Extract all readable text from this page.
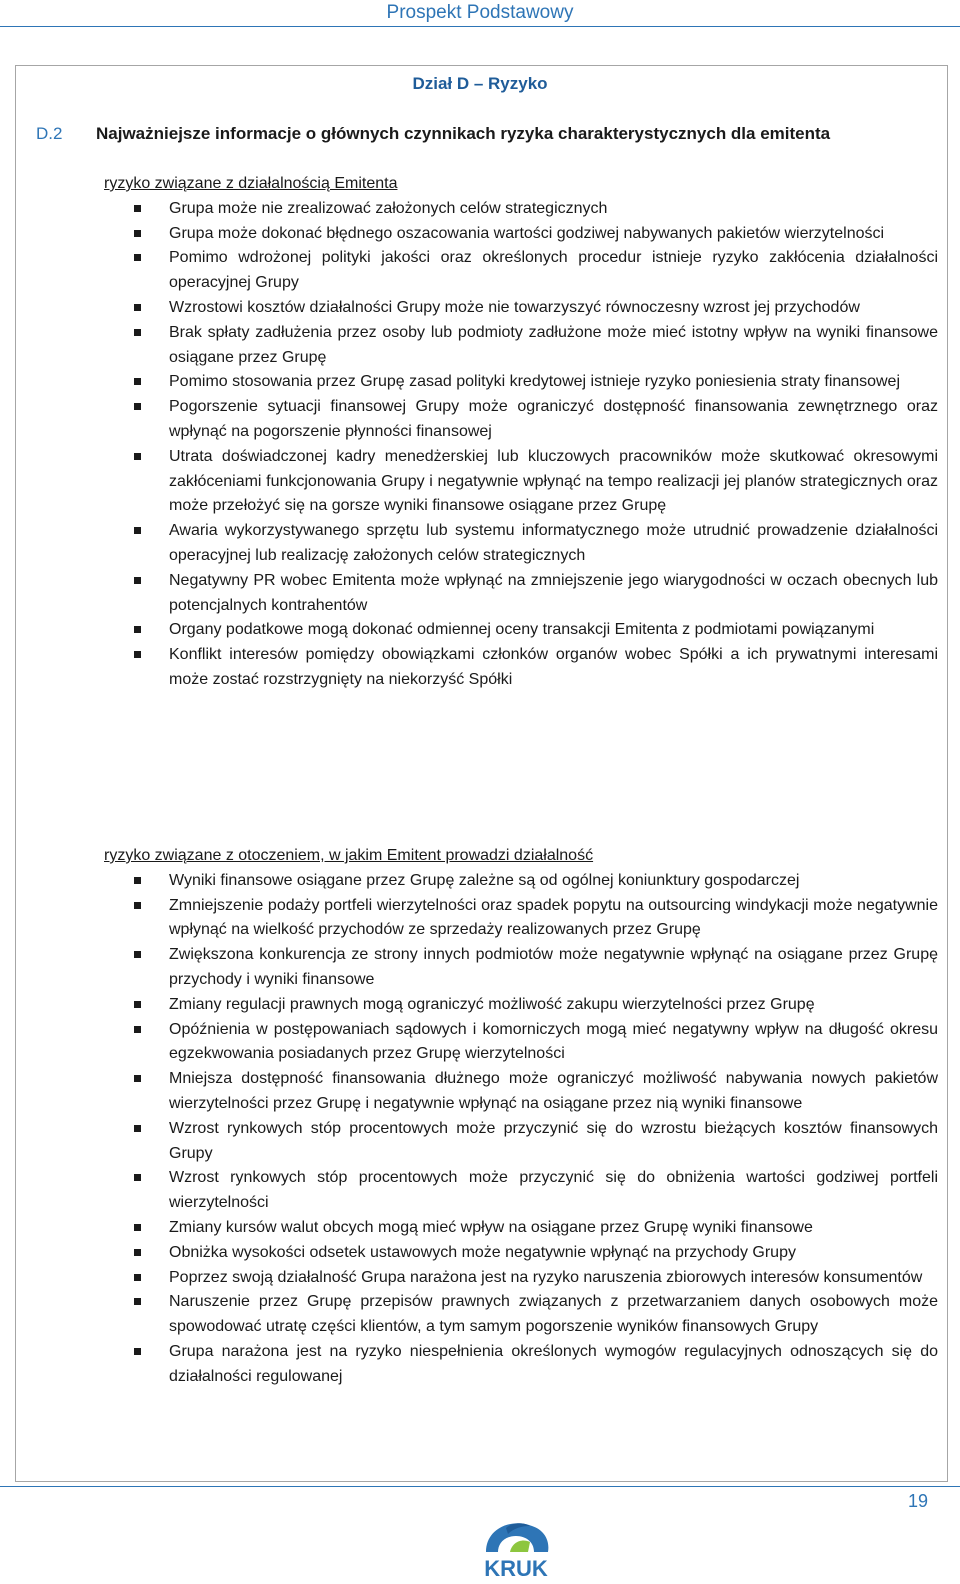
Prospekt Podstawowy
Dział D – Ryzyko
D.2 Najważniejsze informacje o głównych czynnikach ryzyka charakterystycznych dla emitenta
ryzyko związane z działalnością Emitenta
Grupa może nie zrealizować założonych celów strategicznych
Grupa może dokonać błędnego oszacowania wartości godziwej nabywanych pakietów wierzytelności
Pomimo wdrożonej polityki jakości oraz określonych procedur istnieje ryzyko zakłócenia działalności operacyjnej Grupy
Wzrostowi kosztów działalności Grupy może nie towarzyszyć równoczesny wzrost jej przychodów
Brak spłaty zadłużenia przez osoby lub podmioty zadłużone może mieć istotny wpływ na wyniki finansowe osiągane przez Grupę
Pomimo stosowania przez Grupę zasad polityki kredytowej istnieje ryzyko poniesienia straty finansowej
Pogorszenie sytuacji finansowej Grupy może ograniczyć dostępność finansowania zewnętrznego oraz wpłynąć na pogorszenie płynności finansowej
Utrata doświadczonej kadry menedżerskiej lub kluczowych pracowników może skutkować okresowymi zakłóceniami funkcjonowania Grupy i negatywnie wpłynąć na tempo realizacji jej planów strategicznych oraz może przełożyć się na gorsze wyniki finansowe osiągane przez Grupę
Awaria wykorzystywanego sprzętu lub systemu informatycznego może utrudnić prowadzenie działalności operacyjnej lub realizację założonych celów strategicznych
Negatywny PR wobec Emitenta może wpłynąć na zmniejszenie jego wiarygodności w oczach obecnych lub potencjalnych kontrahentów
Organy podatkowe mogą dokonać odmiennej oceny transakcji Emitenta z podmiotami powiązanymi
Konflikt interesów pomiędzy obowiązkami członków organów wobec Spółki a ich prywatnymi interesami może zostać rozstrzygnięty na niekorzyść Spółki
ryzyko związane z otoczeniem, w jakim Emitent prowadzi działalność
Wyniki finansowe osiągane przez Grupę zależne są od ogólnej koniunktury gospodarczej
Zmniejszenie podaży portfeli wierzytelności oraz spadek popytu na outsourcing windykacji może negatywnie wpłynąć na wielkość przychodów ze sprzedaży realizowanych przez Grupę
Zwiększona konkurencja ze strony innych podmiotów może negatywnie wpłynąć na osiągane przez Grupę przychody i wyniki finansowe
Zmiany regulacji prawnych mogą ograniczyć możliwość zakupu wierzytelności przez Grupę
Opóźnienia w postępowaniach sądowych i komorniczych mogą mieć negatywny wpływ na długość okresu egzekwowania posiadanych przez Grupę wierzytelności
Mniejsza dostępność finansowania dłużnego może ograniczyć możliwość nabywania nowych pakietów wierzytelności przez Grupę i negatywnie wpłynąć na osiągane przez nią wyniki finansowe
Wzrost rynkowych stóp procentowych może przyczynić się do wzrostu bieżących kosztów finansowych Grupy
Wzrost rynkowych stóp procentowych może przyczynić się do obniżenia wartości godziwej portfeli wierzytelności
Zmiany kursów walut obcych mogą mieć wpływ na osiągane przez Grupę wyniki finansowe
Obniżka wysokości odsetek ustawowych może negatywnie wpłynąć na przychody Grupy
Poprzez swoją działalność Grupa narażona jest na ryzyko naruszenia zbiorowych interesów konsumentów
Naruszenie przez Grupę przepisów prawnych związanych z przetwarzaniem danych osobowych może spowodować utratę części klientów, a tym samym pogorszenie wyników finansowych Grupy
Grupa narażona jest na ryzyko niespełnienia określonych wymogów regulacyjnych odnoszących się do działalności regulowanej
19
KRUK
